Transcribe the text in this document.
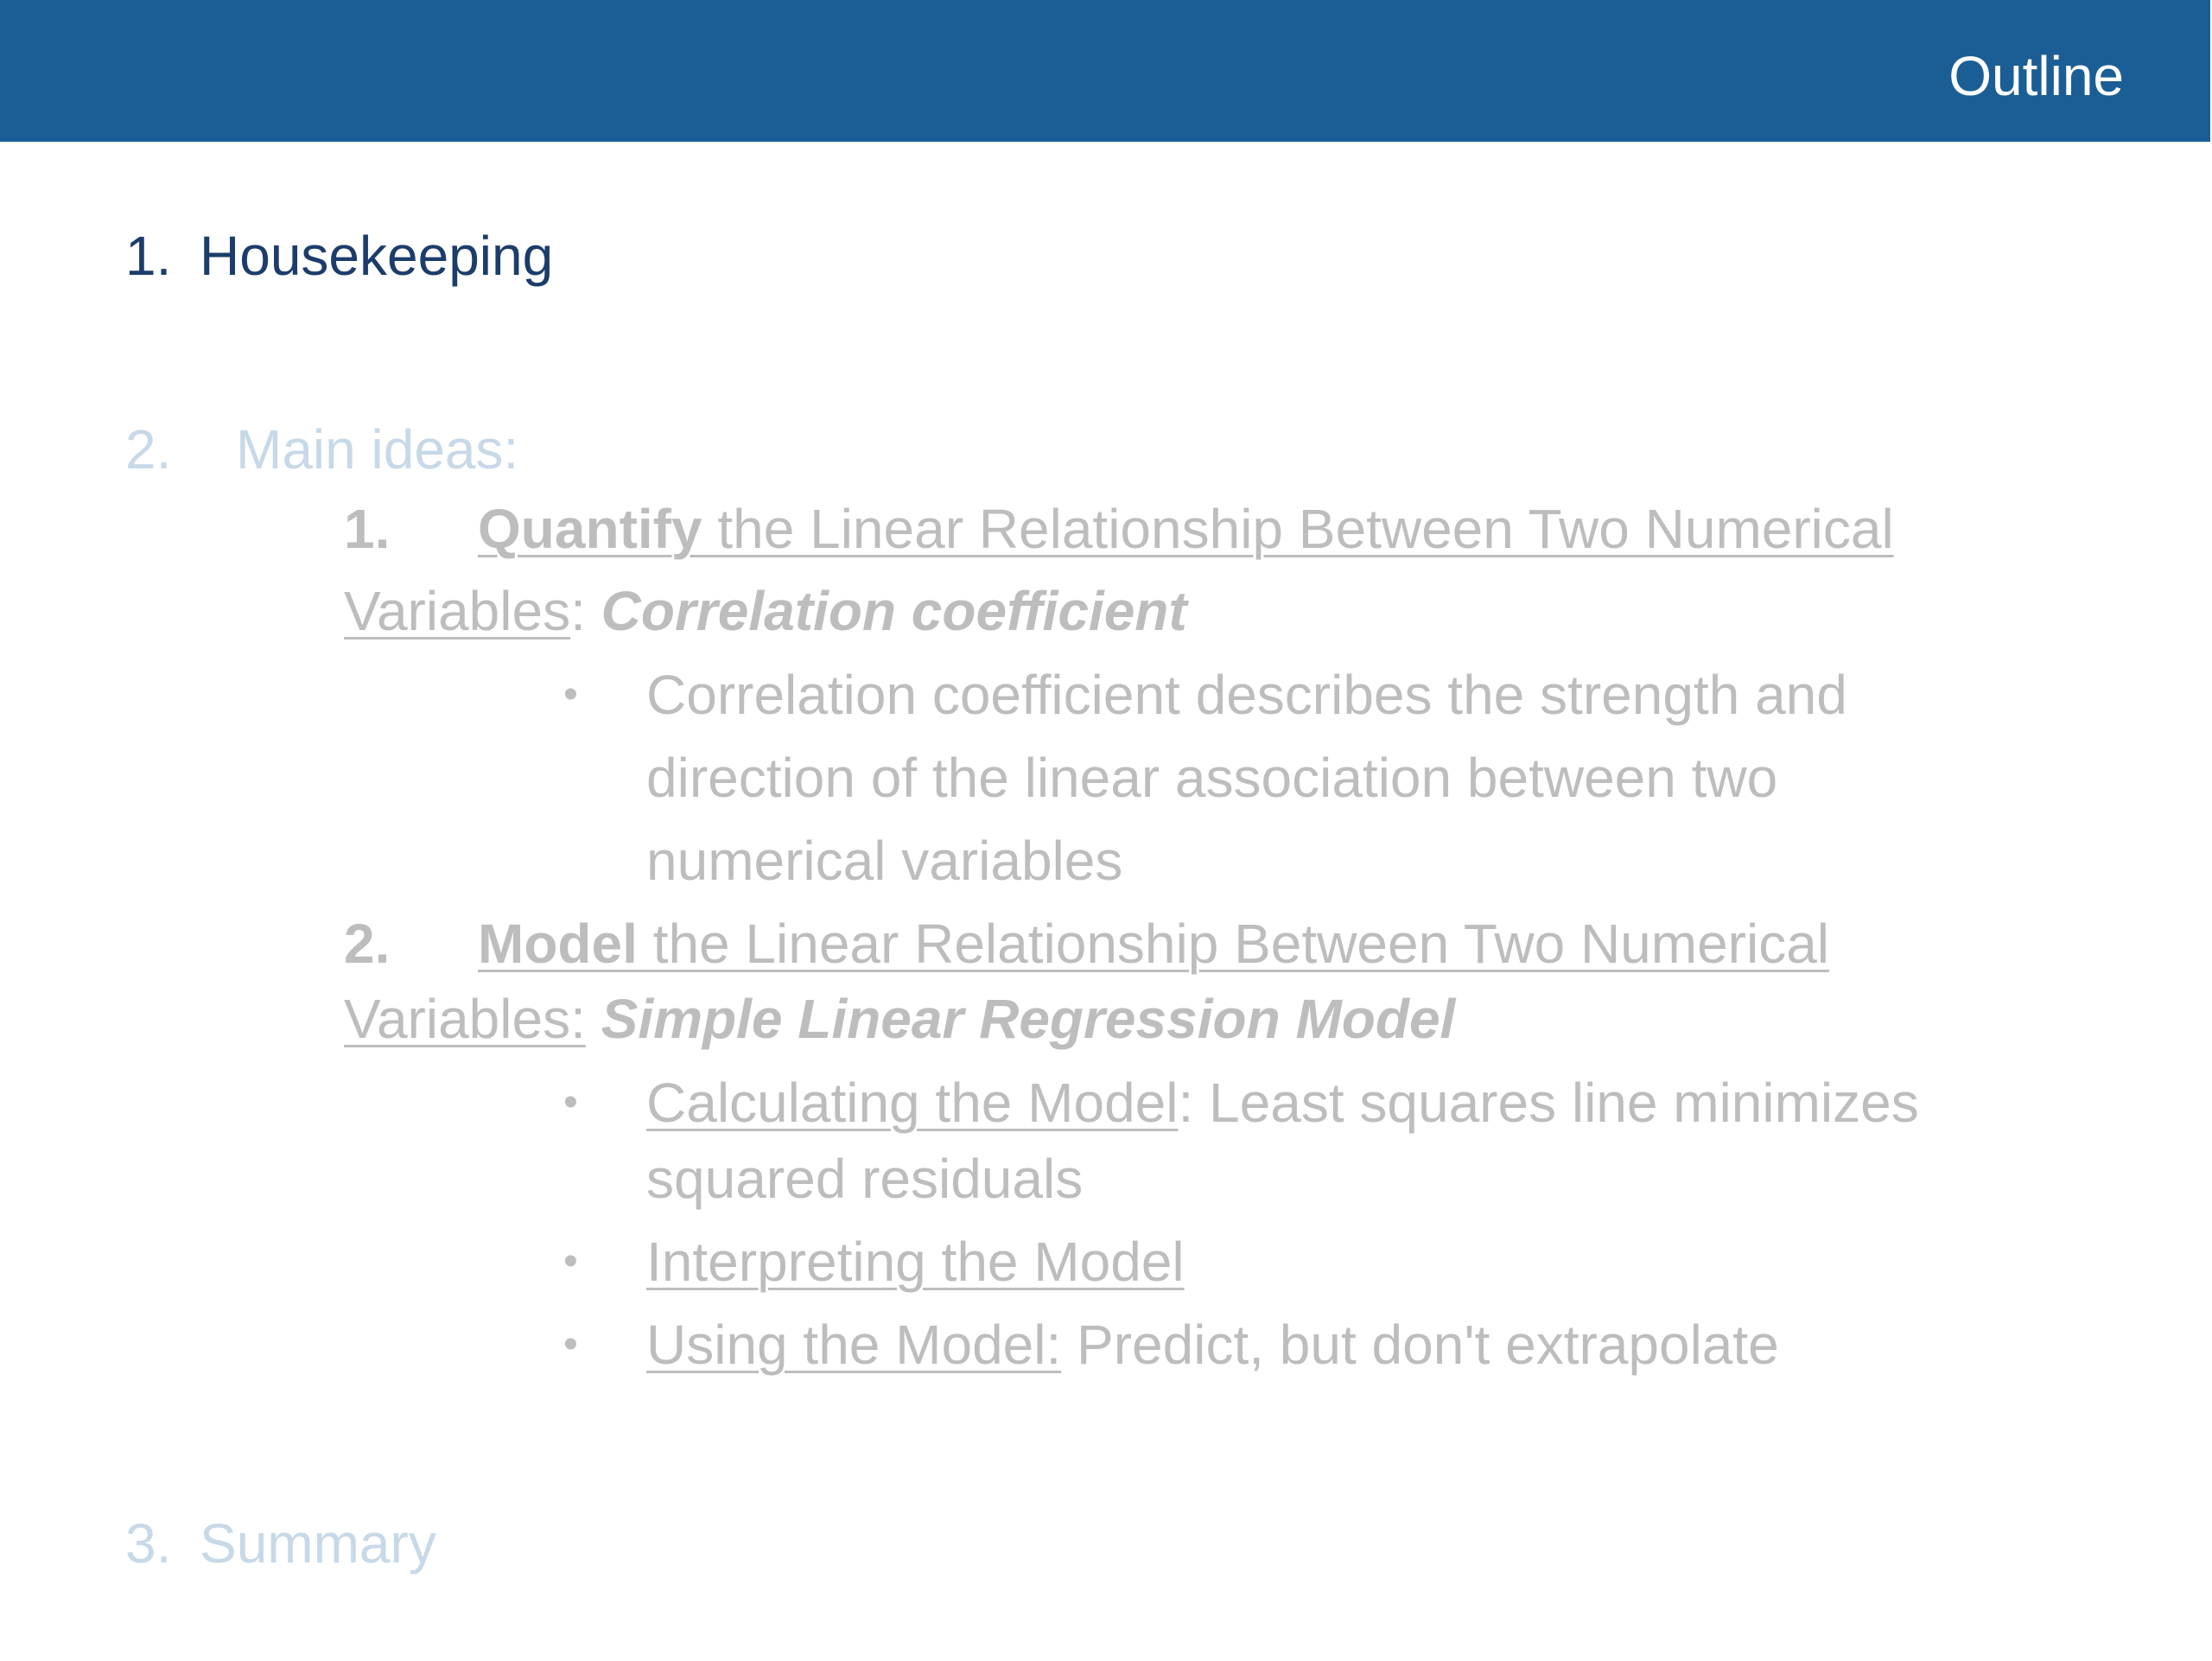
Outline
1. Housekeeping
2. Main ideas:
1. Quantify the Linear Relationship Between Two Numerical
Variables: Correlation coefficient
• Correlation coefficient describes the strength and
direction of the linear association between two
numerical variables
2. Model the Linear Relationship Between Two Numerical
Variables: Simple Linear Regression Model
• Calculating the Model: Least squares line minimizes
squared residuals
• Interpreting the Model
• Using the Model: Predict, but don't extrapolate
3. Summary
